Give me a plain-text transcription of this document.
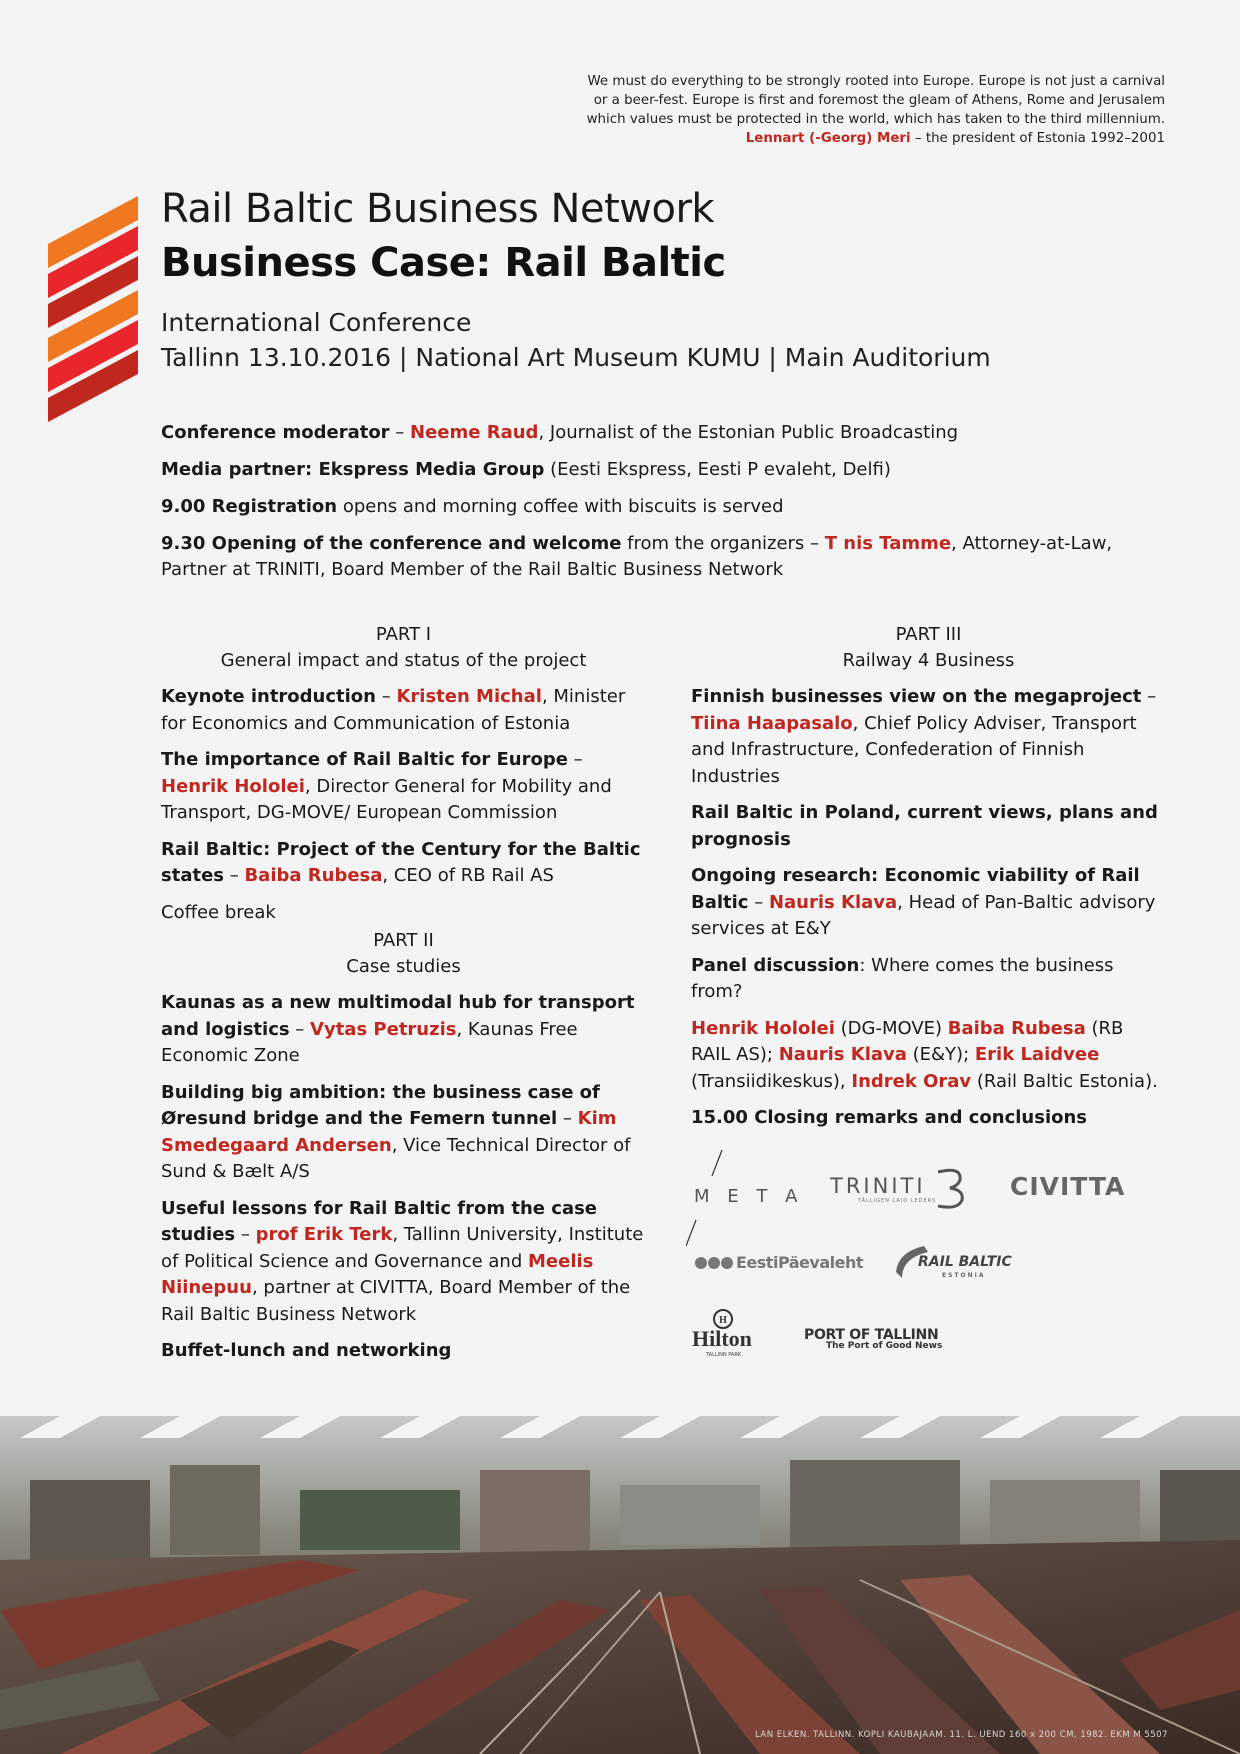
We must do everything to be strongly rooted into Europe. Europe is not just a carnival
or a beer-fest. Europe is first and foremost the gleam of Athens, Rome and Jerusalem
which values must be protected in the world, which has taken to the third millennium.
Lennart (-Georg) Meri – the president of Estonia 1992–2001
Rail Baltic Business Network
Business Case: Rail Baltic
International Conference
Tallinn 13.10.2016 | National Art Museum KUMU | Main Auditorium

Conference moderator – Neeme Raud, Journalist of the Estonian Public Broadcasting

Media partner: Ekspress Media Group (Eesti Ekspress, Eesti P evaleht, Delfi)

9.00 Registration opens and morning coffee with biscuits is served

9.30 Opening of the conference and welcome from the organizers – T nis Tamme, Attorney-at-Law, Partner at TRINITI, Board Member of the Rail Baltic Business Network

PART I
General impact and status of the project

Keynote introduction – Kristen Michal, Minister for Economics and Communication of Estonia

The importance of Rail Baltic for Europe – Henrik Hololei, Director General for Mobility and Transport, DG-MOVE/ European Commission

Rail Baltic: Project of the Century for the Baltic states – Baiba Rubesa, CEO of RB Rail AS

Coffee break

PART II
Case studies

Kaunas as a new multimodal hub for transport and logistics – Vytas Petruzis, Kaunas Free Economic Zone

Building big ambition: the business case of Øresund bridge and the Femern tunnel – Kim Smedegaard Andersen, Vice Technical Director of Sund & Bælt A/S

Useful lessons for Rail Baltic from the case studies – prof Erik Terk, Tallinn University, Institute of Political Science and Governance and Meelis Niinepuu, partner at CIVITTA, Board Member of the Rail Baltic Business Network

Buffet-lunch and networking

PART III
Railway 4 Business

Finnish businesses view on the megaproject – Tiina Haapasalo, Chief Policy Adviser, Transport and Infrastructure, Confederation of Finnish Industries

Rail Baltic in Poland, current views, plans and prognosis

Ongoing research: Economic viability of Rail Baltic – Nauris Klava, Head of Pan-Baltic advisory services at E&Y

Panel discussion: Where comes the business from?

Henrik Hololei (DG-MOVE) Baiba Rubesa (RB RAIL AS); Nauris Klava (E&Y); Erik Laidvee (Transiidikeskus), Indrek Orav (Rail Baltic Estonia).

15.00 Closing remarks and conclusions

M E T A TRINITI
TÄLLIGEN LAID LEDERS	CIVITTA
EestiPäevaleht	RAIL BALTIC
ESTONIA
H
Hilton
TALLINN PARK
PORT OF TALLINN
The Port of Good News
LAN ELKEN. TALLINN. KOPLI KAUBAJAAM. 11. L. UEND 160 x 200 CM, 1982. EKM M 5507
